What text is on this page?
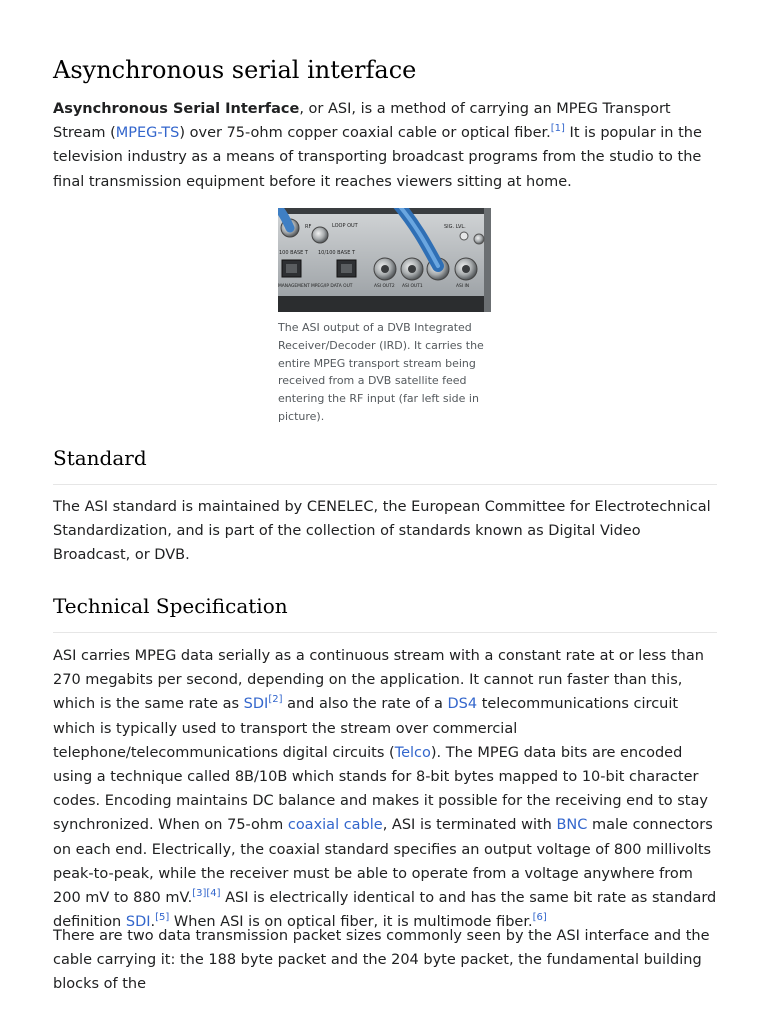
Asynchronous serial interface

Asynchronous Serial Interface, or ASI, is a method of carrying an MPEG Transport Stream (MPEG-TS) over 75-ohm copper coaxial cable or optical fiber.[1] It is popular in the television industry as a means of transporting broadcast programs from the studio to the final transmission equipment before it reaches viewers sitting at home.

Standard

The ASI standard is maintained by CENELEC, the European Committee for Electrotechnical Standardization, and is part of the collection of standards known as Digital Video Broadcast, or DVB.

Technical Specification

ASI carries MPEG data serially as a continuous stream with a constant rate at or less than 270 megabits per second, depending on the application. It cannot run faster than this, which is the same rate as SDI[2] and also the rate of a DS4 telecommunications circuit which is typically used to transport the stream over commercial telephone/telecommunications digital circuits (Telco). The MPEG data bits are encoded using a technique called 8B/10B which stands for 8-bit bytes mapped to 10-bit character codes. Encoding maintains DC balance and makes it possible for the receiving end to stay synchronized. When on 75-ohm coaxial cable, ASI is terminated with BNC male connectors on each end. Electrically, the coaxial standard specifies an output voltage of 800 millivolts peak-to-peak, while the receiver must be able to operate from a voltage anywhere from 200 mV to 880 mV.[3][4] ASI is electrically identical to and has the same bit rate as standard definition SDI.[5] When ASI is on optical fiber, it is multimode fiber.[6]

There are two data transmission packet sizes commonly seen by the ASI interface and the cable carrying it: the 188 byte packet and the 204 byte packet, the fundamental building blocks of the

RF	LOOP OUT	SIG. LVL.
100 BASE T 10/100 BASE T
MANAGEMENT MPEG/IP DATA OUT	ASI OUT2 ASI OUT1	ASI IN
The ASI output of a DVB Integrated Receiver/Decoder (IRD). It carries the entire MPEG transport stream being received from a DVB satellite feed entering the RF input (far left side in picture).
